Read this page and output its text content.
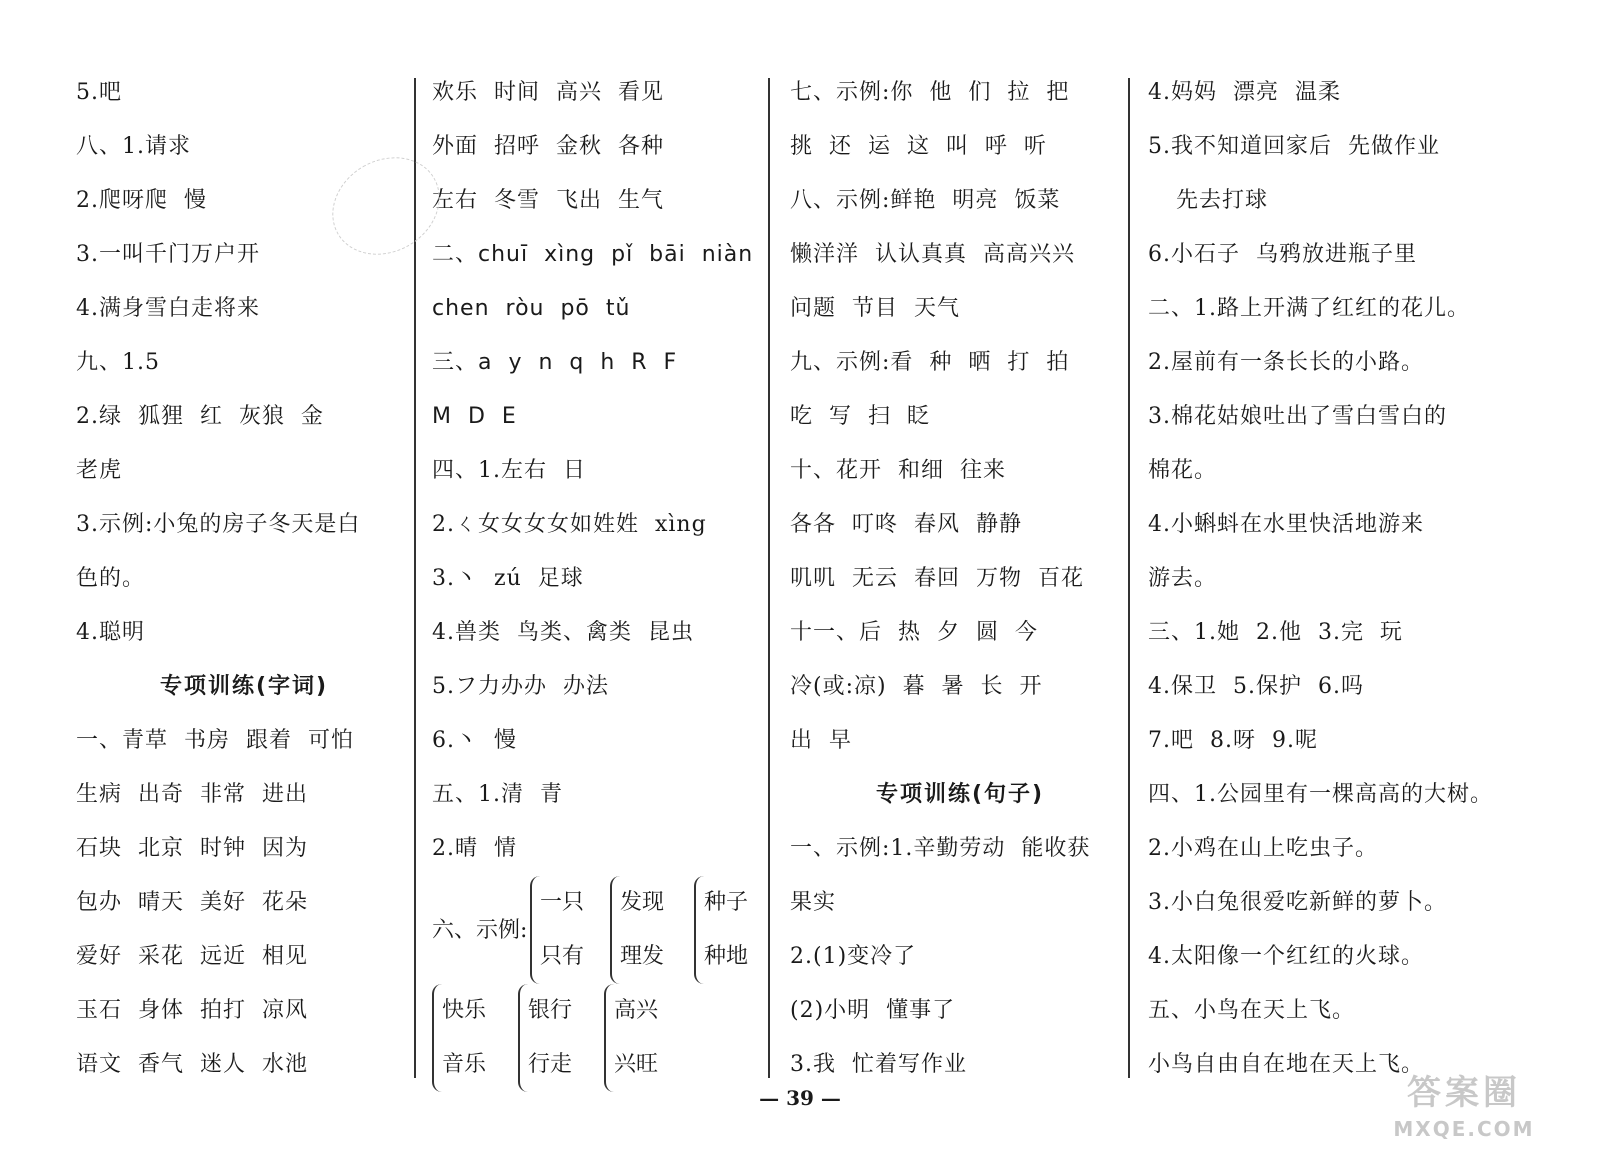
5.吧
八、1.请求
2.爬呀爬  慢
3.一叫千门万户开
4.满身雪白走将来
九、1.5
2.绿  狐狸  红  灰狼  金
老虎
3.示例:小兔的房子冬天是白
色的。
4.聪明
专项训练(字词)
一、青草  书房  跟着  可怕
生病  出奇  非常  进出
石块  北京  时钟  因为
包办  晴天  美好  花朵
爱好  采花  远近  相见
玉石  身体  拍打  凉风
语文  香气  迷人  水池
欢乐  时间  高兴  看见
外面  招呼  金秋  各种
左右  冬雪  飞出  生气
二、chuī  xìng  pǐ  bāi  niàn
chen  ròu  pō  tǔ
三、a  y  n  q  h  R  F
M  D  E
四、1.左右  日
2.ㄑ女女女女如姓姓  xìng
3.丶  zú  足球
4.兽类  鸟类、禽类  昆虫
5.フ力办办  办法
6.丶  慢
五、1.清  青
2.晴  情
六、示例:
一只
只有
发现
理发
种子
种地
快乐
音乐
银行
行走
高兴
兴旺
七、示例:你  他  们  拉  把
挑  还  运  这  叫  呼  听
八、示例:鲜艳  明亮  饭菜
懒洋洋  认认真真  高高兴兴
问题  节目  天气
九、示例:看  种  晒  打  拍
吃  写  扫  眨
十、花开  和细  往来
各各  叮咚  春风  静静
叽叽  无云  春回  万物  百花
十一、后  热  夕  圆  今
冷(或:凉)  暮  暑  长  开
出  早
专项训练(句子)
一、示例:1.辛勤劳动  能收获
果实
2.(1)变冷了
(2)小明  懂事了
3.我  忙着写作业
4.妈妈  漂亮  温柔
5.我不知道回家后  先做作业
先去打球
6.小石子  乌鸦放进瓶子里
二、1.路上开满了红红的花儿。
2.屋前有一条长长的小路。
3.棉花姑娘吐出了雪白雪白的
棉花。
4.小蝌蚪在水里快活地游来
游去。
三、1.她  2.他  3.完  玩
4.保卫  5.保护  6.吗
7.吧  8.呀  9.呢
四、1.公园里有一棵高高的大树。
2.小鸡在山上吃虫子。
3.小白兔很爱吃新鲜的萝卜。
4.太阳像一个红红的火球。
五、小鸟在天上飞。
小鸟自由自在地在天上飞。
— 39 —	答案圈
MXQE.COM
